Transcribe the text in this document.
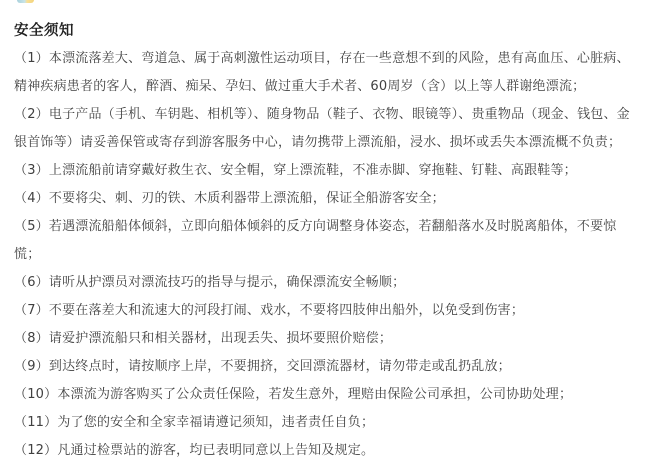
安全须知

（1）本漂流落差大、弯道急、属于高刺激性运动项目，存在一些意想不到的风险，患有高血压、心脏病、精神疾病患者的客人，醉酒、痴呆、孕妇、做过重大手术者、60周岁（含）以上等人群谢绝漂流；

（2）电子产品（手机、车钥匙、相机等）、随身物品（鞋子、衣物、眼镜等）、贵重物品（现金、钱包、金银首饰等）请妥善保管或寄存到游客服务中心，请勿携带上漂流船，浸水、损坏或丢失本漂流概不负责；

（3）上漂流船前请穿戴好救生衣、安全帽，穿上漂流鞋，不准赤脚、穿拖鞋、钉鞋、高跟鞋等；

（4）不要将尖、刺、刃的铁、木质利器带上漂流船，保证全船游客安全；

（5）若遇漂流船船体倾斜，立即向船体倾斜的反方向调整身体姿态，若翻船落水及时脱离船体，不要惊慌；

（6）请听从护漂员对漂流技巧的指导与提示，确保漂流安全畅顺；

（7）不要在落差大和流速大的河段打闹、戏水，不要将四肢伸出船外，以免受到伤害；

（8）请爱护漂流船只和相关器材，出现丢失、损坏要照价赔偿；

（9）到达终点时，请按顺序上岸，不要拥挤，交回漂流器材，请勿带走或乱扔乱放；

（10）本漂流为游客购买了公众责任保险，若发生意外，理赔由保险公司承担，公司协助处理；

（11）为了您的安全和全家幸福请遵记须知，违者责任自负；

（12）凡通过检票站的游客，均已表明同意以上告知及规定。
